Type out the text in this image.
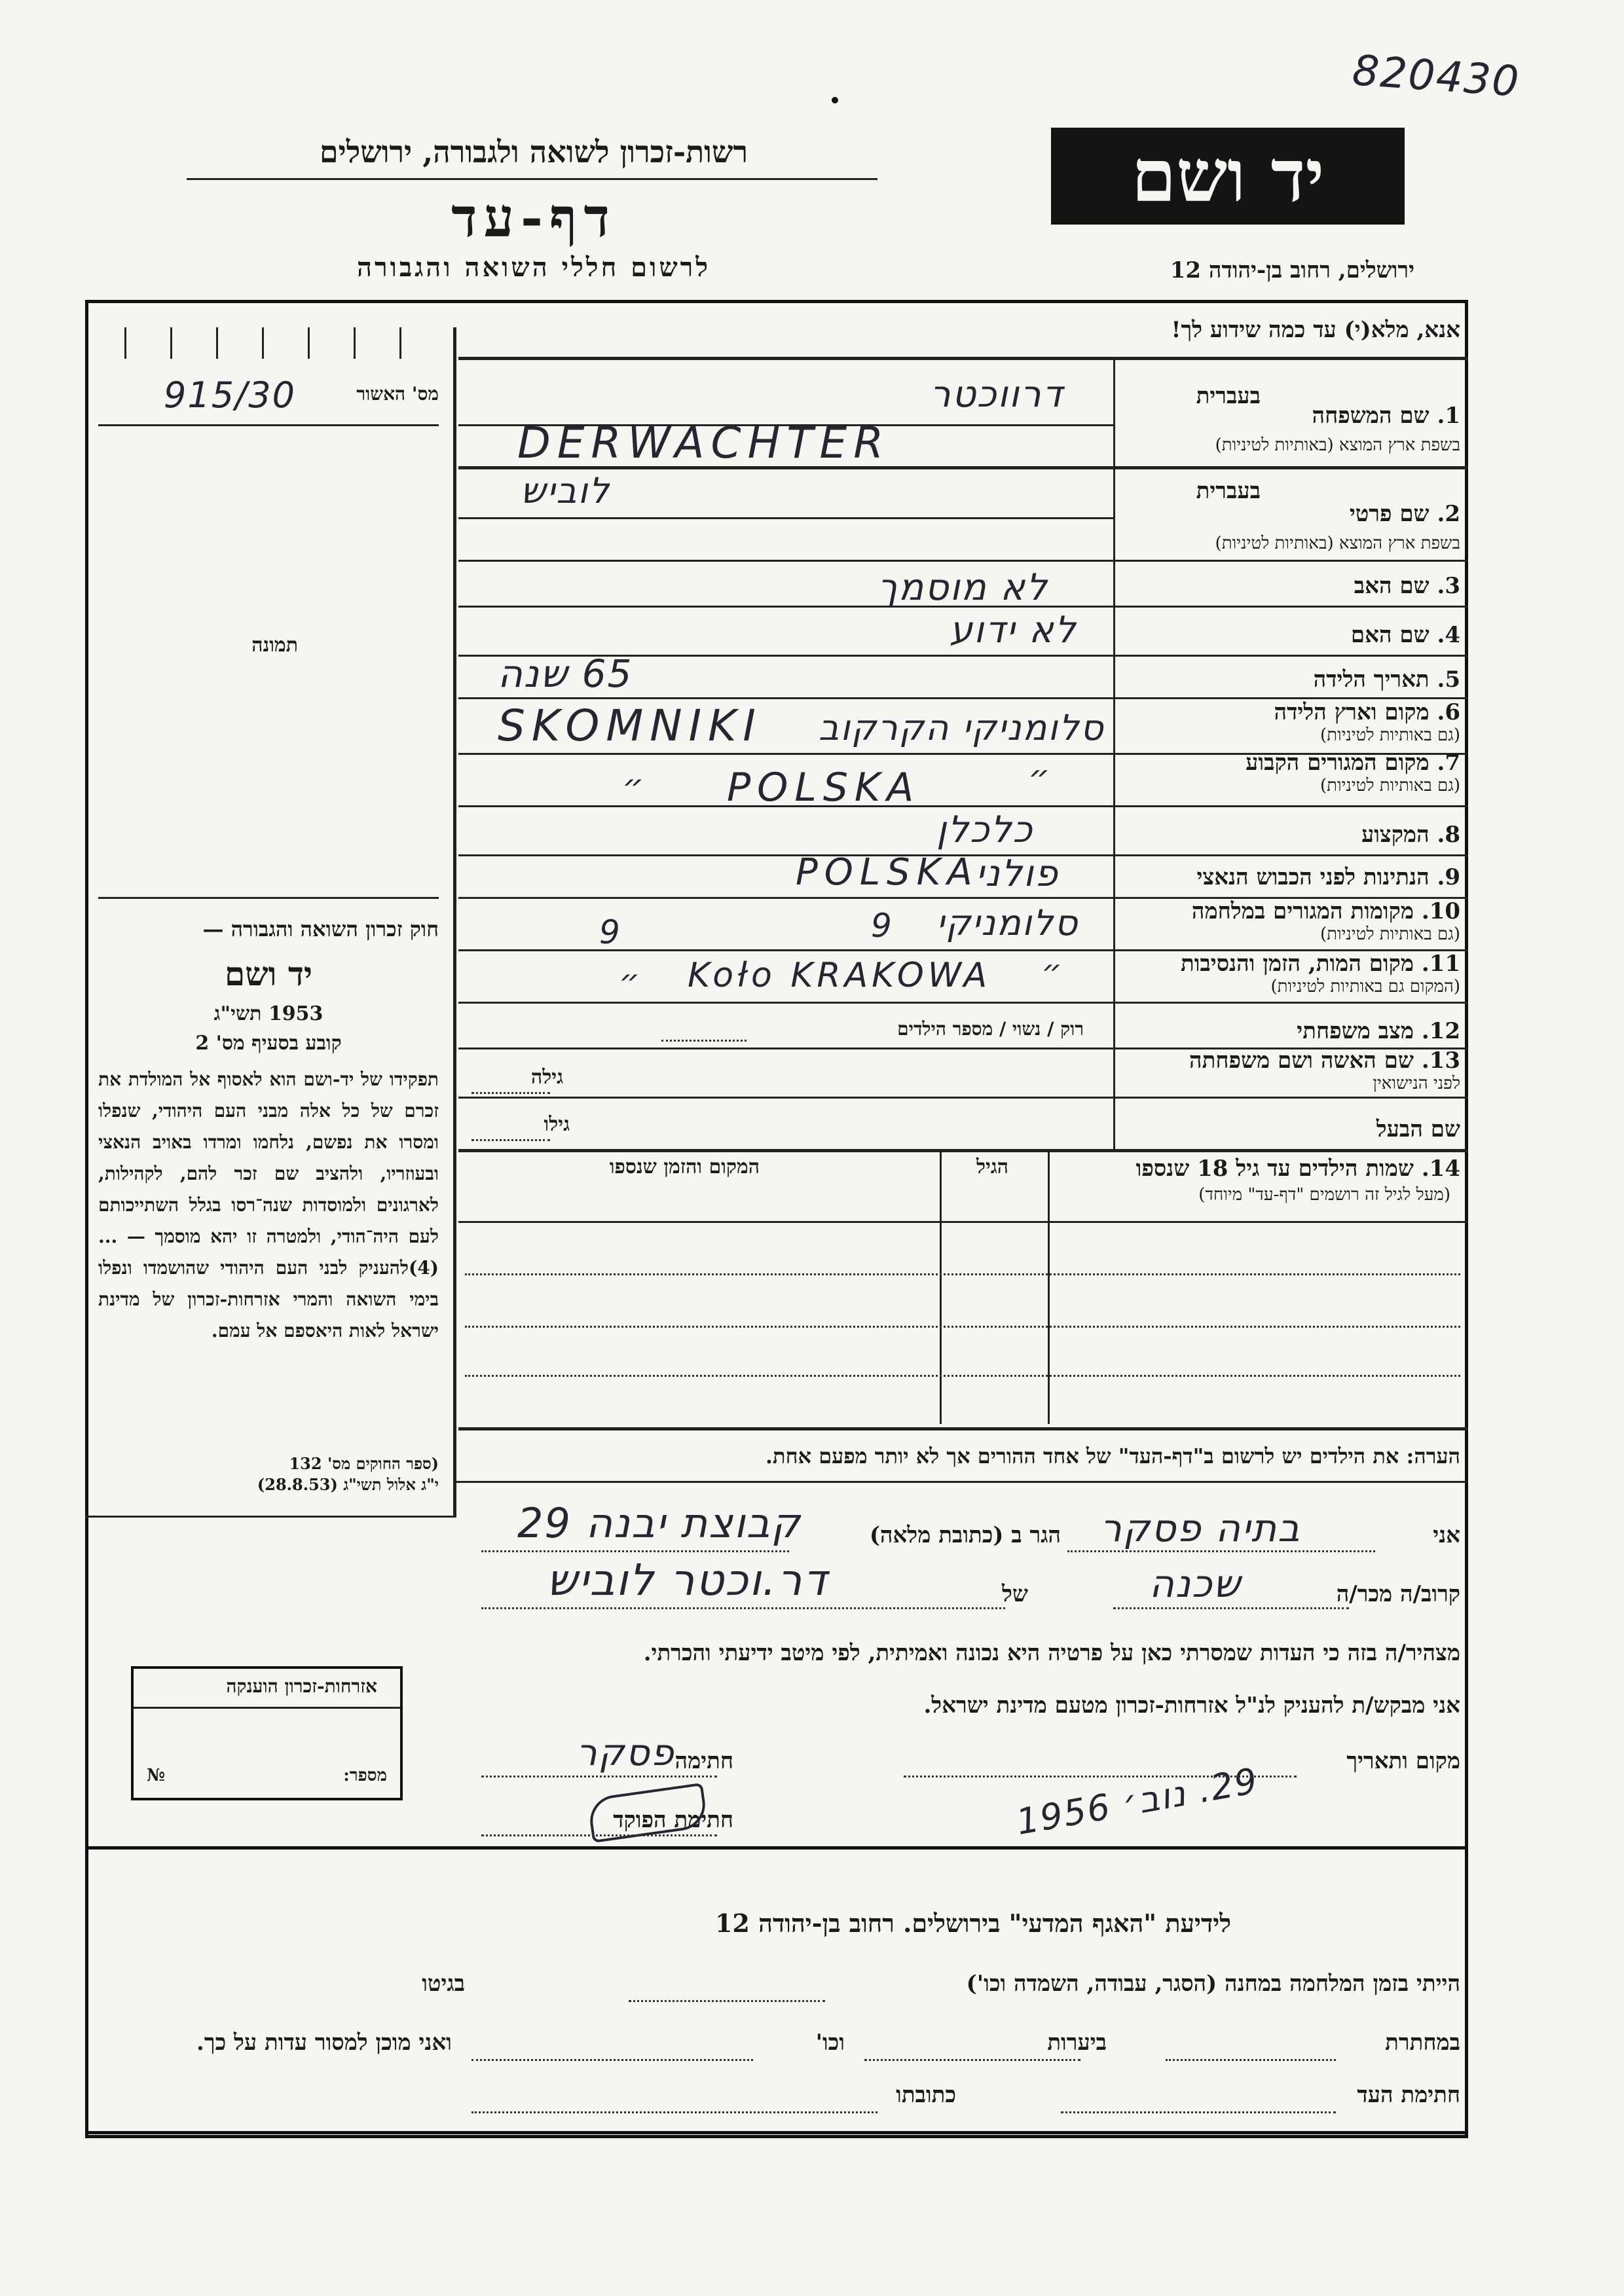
820430
רשות-זכרון לשואה ולגבורה, ירושלים
דף-עד
לרשום חללי השואה והגבורה
יד ושם
ירושלים, רחוב בן-יהודה 12
אנא, מלא(י) עד כמה שידוע לך!
מס' האשור
915/30
תמונה
חוק זכרון השואה והגבורה —
יד ושם
1953 תשי"ג
קובע בסעיף מס' 2
תפקידו של יד-ושם הוא לאסוף אל המולדת את זכרם של כל אלה מבני העם היהודי, שנפלו ומסרו את נפשם, נלחמו ומרדו באויב הנאצי ובעוזריו, ולהציב שם זכר להם, לקהילות, לארגונים ולמוסדות שנה־רסו בגלל השתייכותם לעם היה־הודי, ולמטרה זו יהא מוסמך — ...(4)להעניק לבני העם היהודי שהושמדו ונפלו בימי השואה והמרי אזרחות-זכרון של מדינת ישראל לאות היאספם אל עמם.
(ספר החוקים מס' 132
י"ג אלול תשי"ג (28.8.53)
1. שם המשפחה
בעברית
בשפת ארץ המוצא (באותיות לטיניות)
דרווכטר
DERWACHTER
2. שם פרטי
בעברית
בשפת ארץ המוצא (באותיות לטיניות)
לוביש
3. שם האב
לא מוסמך
4. שם האם
לא ידוע
5. תאריך הלידה
65 שנה
6. מקום וארץ הלידה
(גם באותיות לטיניות)
SKOMNIKI סלומניקי הקרקוב
7. מקום המגורים הקבוע
(גם באותיות לטיניות)
״ POLSKA	״
8. המקצוע
כלכלן
9. הנתינות לפני הכבוש הנאצי
POLSKA
פולני
10. מקומות המגורים במלחמה
(גם באותיות לטיניות)
9	9 סלומניקי
11. מקום המות, הזמן והנסיבות
(המקום גם באותיות לטיניות)
״ Koło KRAKOWA ״
12. מצב משפחתי
רוק / נשוי / מספר הילדים
13. שם האשה ושם משפחתה
לפני הנישואין
גילה
שם הבעל
גילו
14. שמות הילדים עד גיל 18 שנספו
(מעל לגיל זה רושמים "דף-עד" מיוחד)
הגיל
המקום והזמן שנספו
הערה: את הילדים יש לרשום ב"דף-העד" של אחד ההורים אך לא יותר מפעם אחת.
אני
בתיה פסקר
הגר ב (כתובת מלאה)
קבוצת יבנה 29
קרוב/ה מכר/ה
שכנה
של
דר.וכטר לוביש
מצהיר/ה בזה כי העדות שמסרתי כאן על פרטיה היא נכונה ואמיתית, לפי מיטב ידיעתי והכרתי.
אני מבקש/ת להעניק לנ"ל אזרחות-זכרון מטעם מדינת ישראל.
מקום ותאריך
29. נוב׳ 1956
חתימה
פסקר
חתימת הפוקד
אזרחות-זכרון הוענקה
מספר:
№
לידיעת "האגף המדעי" בירושלים. רחוב בן-יהודה 12
הייתי בזמן המלחמה במחנה (הסגר, עבודה, השמדה וכו')
בגיטו
במחתרת
ביערות
וכו'
ואני מוכן למסור עדות על כך.
חתימת העד
כתובתו
